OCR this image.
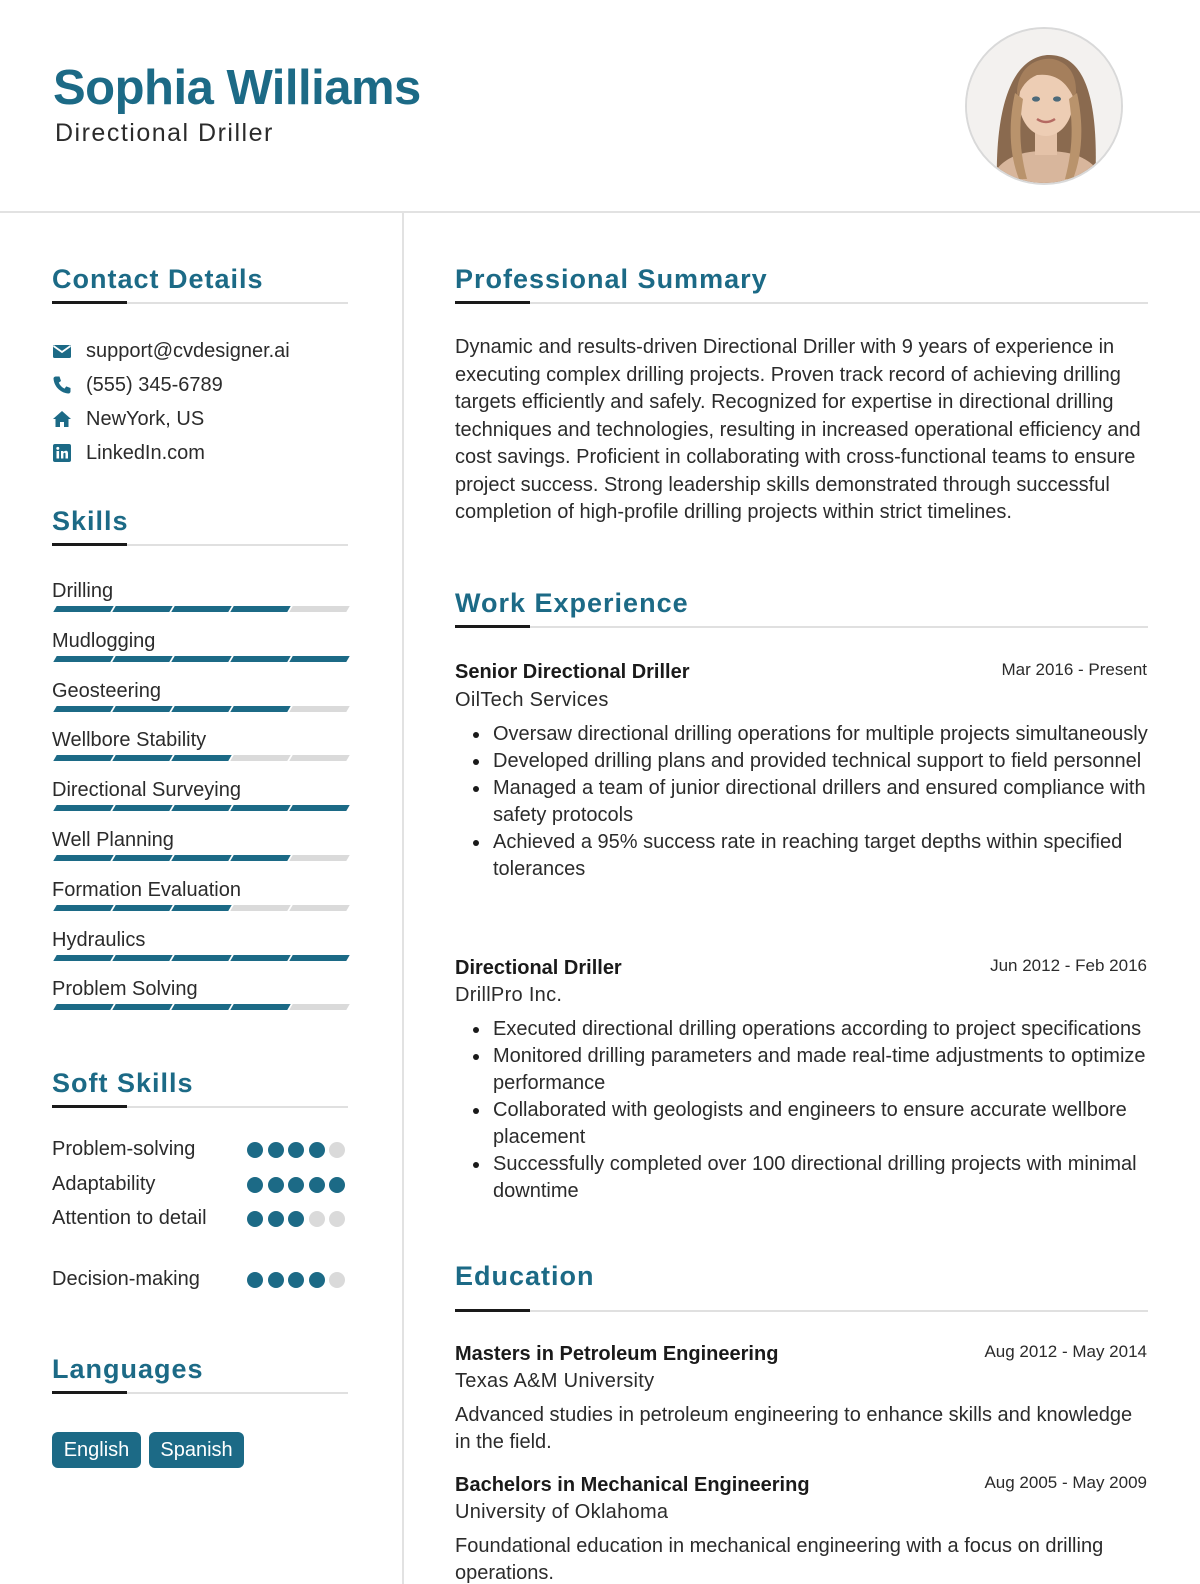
Sophia Williams
Directional Driller
Contact Details
support@cvdesigner.ai
(555) 345-6789
NewYork, US
LinkedIn.com
Skills
Drilling
Mudlogging
Geosteering
Wellbore Stability
Directional Surveying
Well Planning
Formation Evaluation
Hydraulics
Problem Solving
Soft Skills
Problem-solving
Adaptability
Attention to detail
Decision-making
Languages
English	Spanish
Professional Summary
Dynamic and results-driven Directional Driller with 9 years of experience in executing complex drilling projects. Proven track record of achieving drilling targets efficiently and safely. Recognized for expertise in directional drilling techniques and technologies, resulting in increased operational efficiency and cost savings. Proficient in collaborating with cross-functional teams to ensure project success. Strong leadership skills demonstrated through successful completion of high-profile drilling projects within strict timelines.
Work Experience
Senior Directional Driller	Mar 2016 - Present
OilTech Services
Oversaw directional drilling operations for multiple projects simultaneously
Developed drilling plans and provided technical support to field personnel
Managed a team of junior directional drillers and ensured compliance with safety protocols
Achieved a 95% success rate in reaching target depths within specified tolerances
Directional Driller	Jun 2012 - Feb 2016
DrillPro Inc.
Executed directional drilling operations according to project specifications
Monitored drilling parameters and made real-time adjustments to optimize performance
Collaborated with geologists and engineers to ensure accurate wellbore placement
Successfully completed over 100 directional drilling projects with minimal downtime
Education
Masters in Petroleum Engineering	Aug 2012 - May 2014
Texas A&M University
Advanced studies in petroleum engineering to enhance skills and knowledge in the field.
Bachelors in Mechanical Engineering	Aug 2005 - May 2009
University of Oklahoma
Foundational education in mechanical engineering with a focus on drilling operations.
